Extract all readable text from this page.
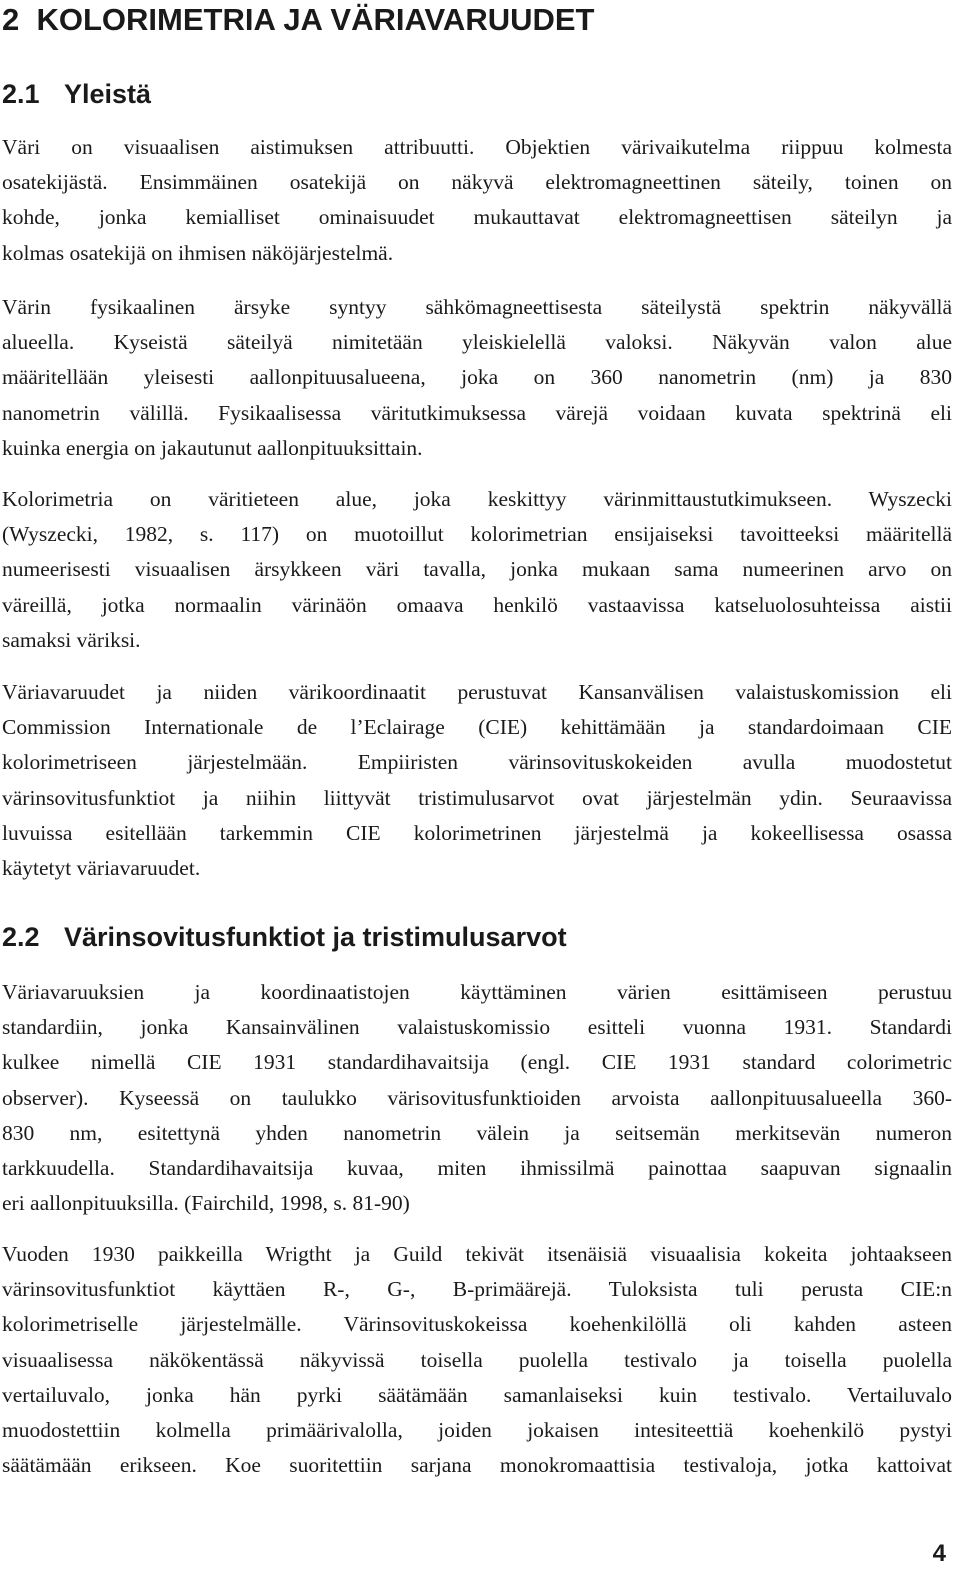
2 KOLORIMETRIA JA VÄRIAVARUUDET
2.1 Yleistä
Väri on visuaalisen aistimuksen attribuutti. Objektien värivaikutelma riippuu kolmesta
osatekijästä. Ensimmäinen osatekijä on näkyvä elektromagneettinen säteily, toinen on
kohde, jonka kemialliset ominaisuudet mukauttavat elektromagneettisen säteilyn ja
kolmas osatekijä on ihmisen näköjärjestelmä.
Värin fysikaalinen ärsyke syntyy sähkömagneettisesta säteilystä spektrin näkyvällä
alueella. Kyseistä säteilyä nimitetään yleiskielellä valoksi. Näkyvän valon alue
määritellään yleisesti aallonpituusalueena, joka on 360 nanometrin (nm) ja 830
nanometrin välillä. Fysikaalisessa väritutkimuksessa värejä voidaan kuvata spektrinä eli
kuinka energia on jakautunut aallonpituuksittain.
Kolorimetria on väritieteen alue, joka keskittyy värinmittaustutkimukseen. Wyszecki
(Wyszecki, 1982, s. 117) on muotoillut kolorimetrian ensijaiseksi tavoitteeksi määritellä
numeerisesti visuaalisen ärsykkeen väri tavalla, jonka mukaan sama numeerinen arvo on
väreillä, jotka normaalin värinäön omaava henkilö vastaavissa katseluolosuhteissa aistii
samaksi väriksi.
Väriavaruudet ja niiden värikoordinaatit perustuvat Kansanvälisen valaistuskomission eli
Commission Internationale de l’Eclairage (CIE) kehittämään ja standardoimaan CIE
kolorimetriseen järjestelmään. Empiiristen värinsovituskokeiden avulla muodostetut
värinsovitusfunktiot ja niihin liittyvät tristimulusarvot ovat järjestelmän ydin. Seuraavissa
luvuissa esitellään tarkemmin CIE kolorimetrinen järjestelmä ja kokeellisessa osassa
käytetyt väriavaruudet.
2.2 Värinsovitusfunktiot ja tristimulusarvot
Väriavaruuksien ja koordinaatistojen käyttäminen värien esittämiseen perustuu
standardiin, jonka Kansainvälinen valaistuskomissio esitteli vuonna 1931. Standardi
kulkee nimellä CIE 1931 standardihavaitsija (engl. CIE 1931 standard colorimetric
observer). Kyseessä on taulukko värisovitusfunktioiden arvoista aallonpituusalueella 360-
830 nm, esitettynä yhden nanometrin välein ja seitsemän merkitsevän numeron
tarkkuudella. Standardihavaitsija kuvaa, miten ihmissilmä painottaa saapuvan signaalin
eri aallonpituuksilla. (Fairchild, 1998, s. 81-90)
Vuoden 1930 paikkeilla Wrigtht ja Guild tekivät itsenäisiä visuaalisia kokeita johtaakseen
värinsovitusfunktiot käyttäen R-, G-, B-primäärejä. Tuloksista tuli perusta CIE:n
kolorimetriselle järjestelmälle. Värinsovituskokeissa koehenkilöllä oli kahden asteen
visuaalisessa näkökentässä näkyvissä toisella puolella testivalo ja toisella puolella
vertailuvalo, jonka hän pyrki säätämään samanlaiseksi kuin testivalo. Vertailuvalo
muodostettiin kolmella primäärivalolla, joiden jokaisen intesiteettiä koehenkilö pystyi
säätämään erikseen. Koe suoritettiin sarjana monokromaattisia testivaloja, jotka kattoivat
4
